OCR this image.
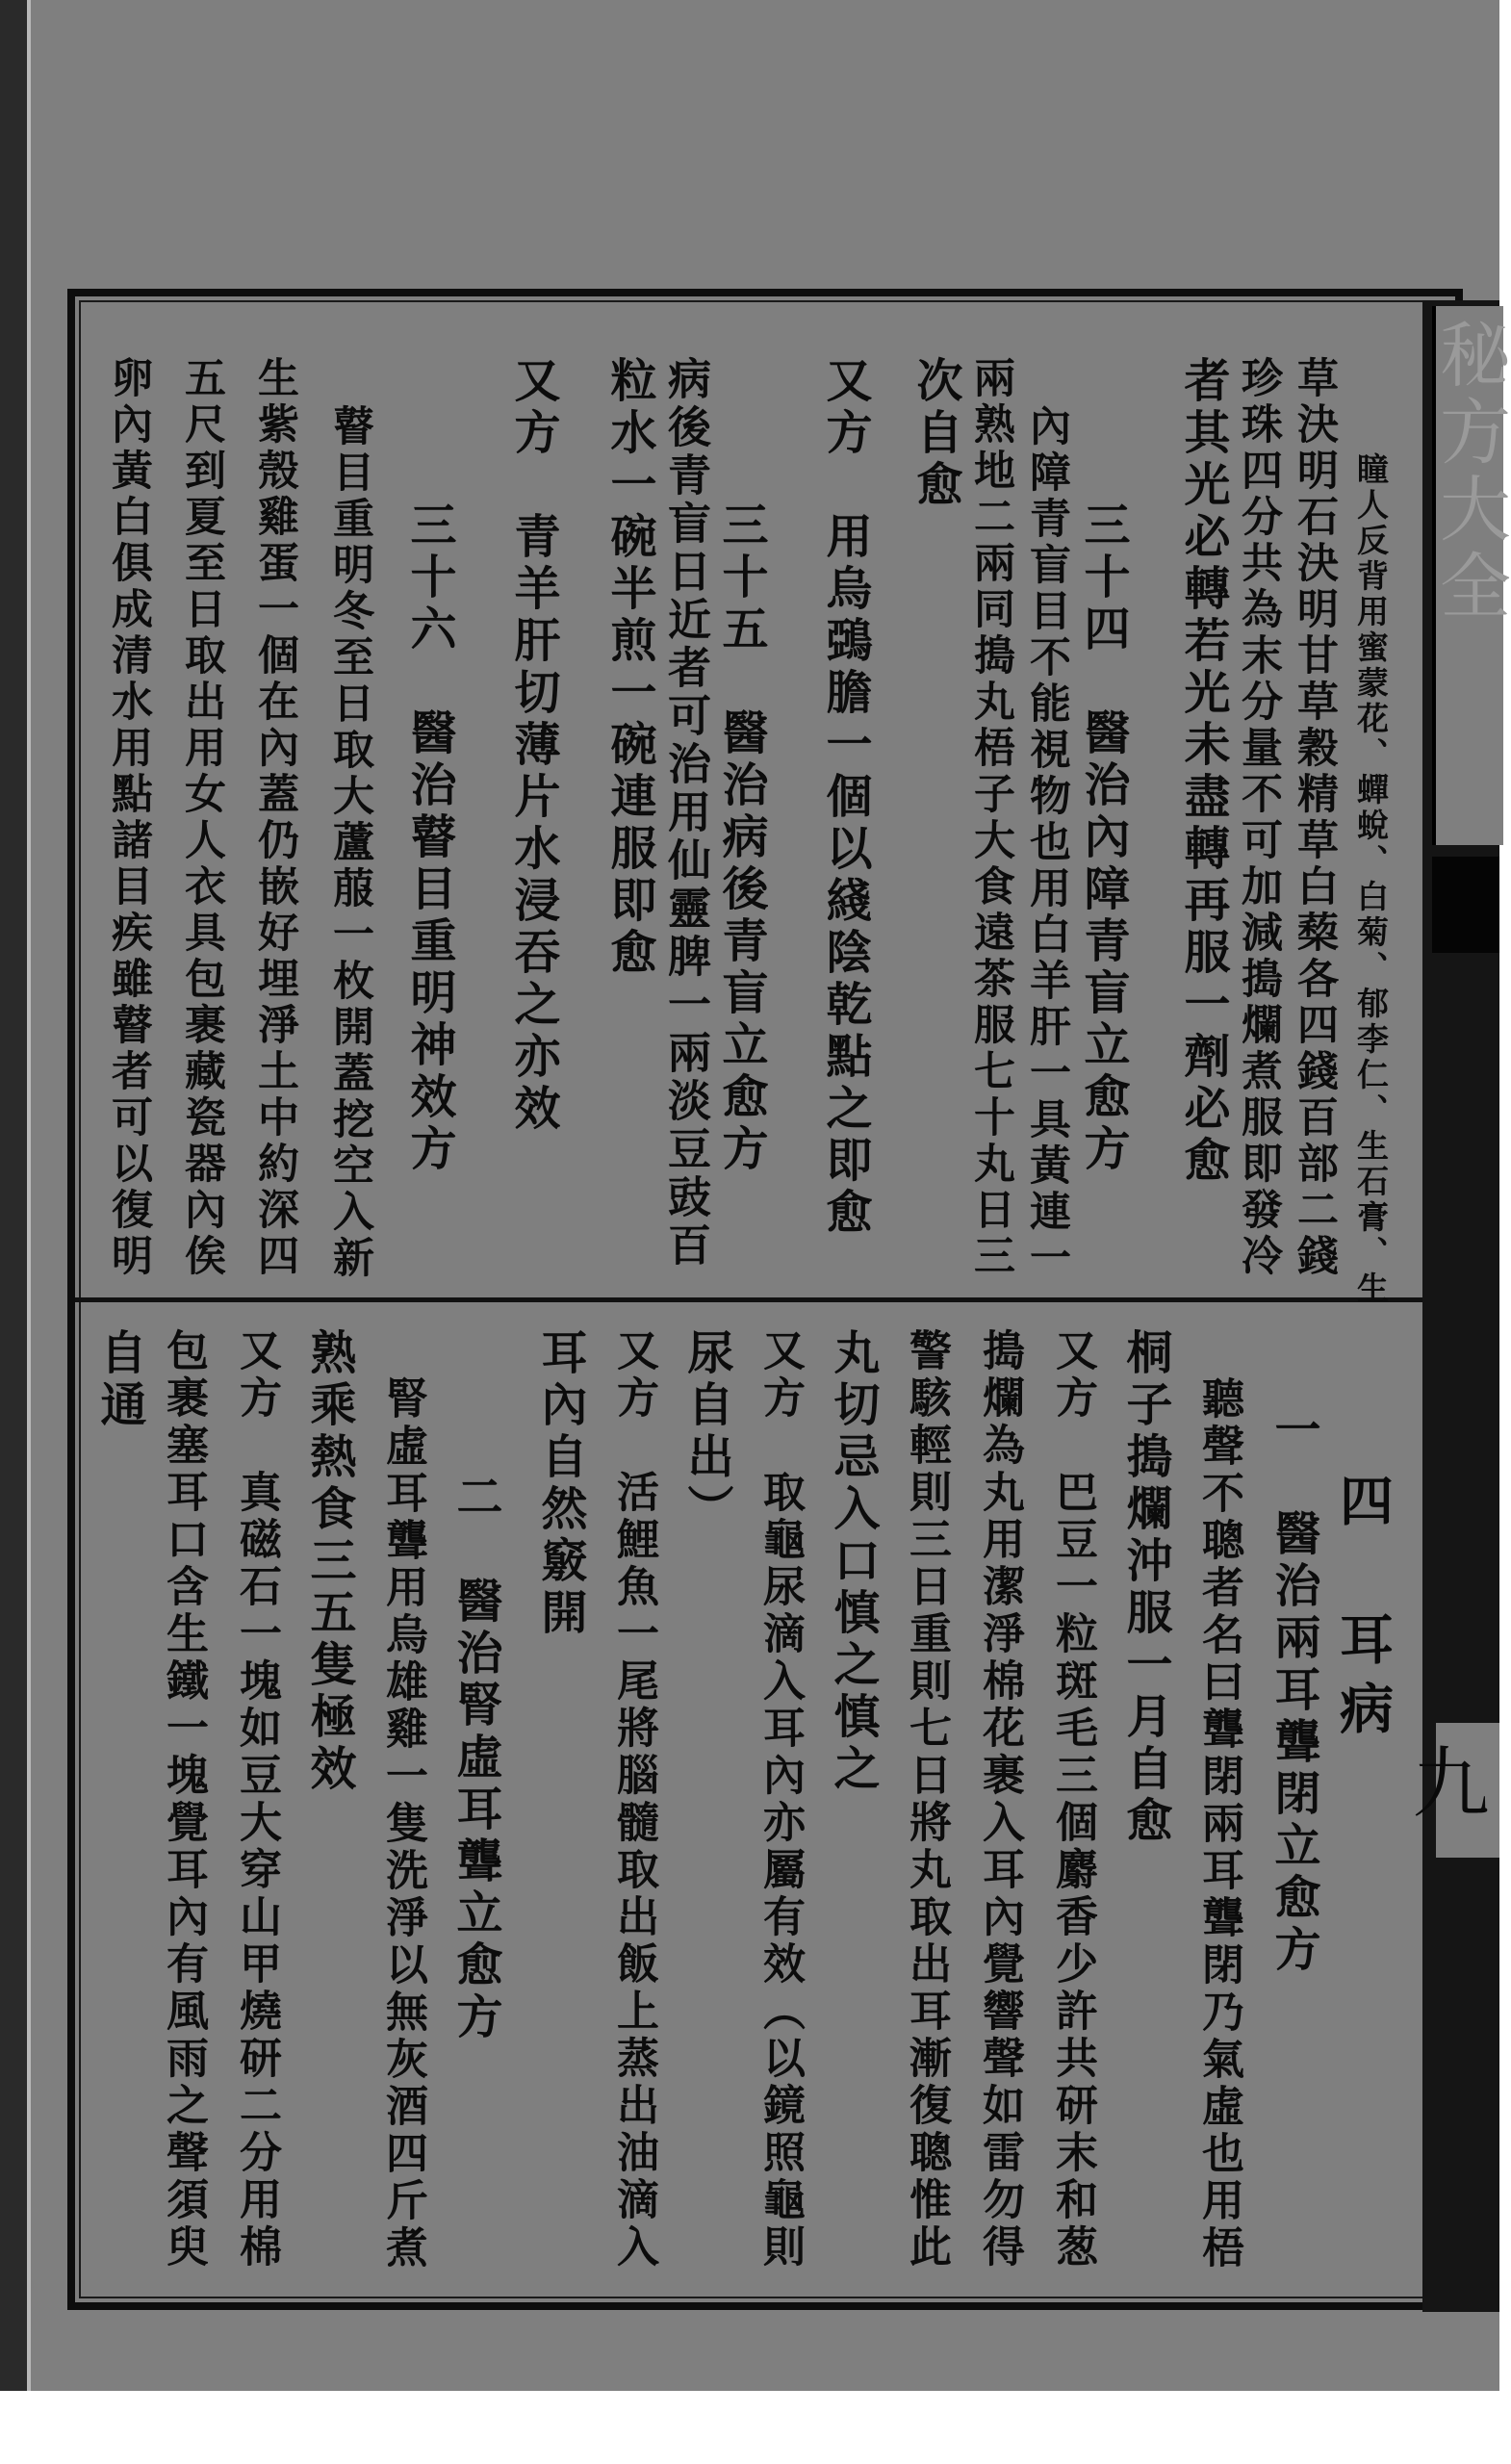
秘方大全
九
瞳人反背用蜜蒙花、蟬蛻、白菊、郁李仁、生石膏、生
草決明石決明甘草穀精草白蔾各四錢百部二錢
珍珠四分共為末分量不可加減搗爛煮服即發冷
者其光必轉若光未盡轉再服一劑必愈
三十四　醫治內障青盲立愈方
內障青盲目不能視物也用白羊肝一具黃連一
兩熟地二兩同搗丸梧子大食遠茶服七十丸日三
次自愈
又方　用烏鵶膽一個以綫陰乾點之即愈
三十五　醫治病後青盲立愈方
病後青盲日近者可治用仙靈脾一兩淡豆豉百
粒水一碗半煎一碗連服即愈
又方　青羊肝切薄片水浸吞之亦效
三十六　醫治瞽目重明神效方
瞽目重明冬至日取大蘆菔一枚開蓋挖空入新
生紫殼雞蛋一個在內蓋仍嵌好埋淨土中約深四
五尺到夏至日取出用女人衣具包裹藏瓷器內俟
卵內黃白俱成清水用點諸目疾雖瞽者可以復明
四　耳病
一　醫治兩耳聾閉立愈方
聽聲不聰者名曰聾閉兩耳聾閉乃氣虛也用梧
桐子搗爛沖服一月自愈
又方　巴豆一粒斑毛三個麝香少許共研末和葱
搗爛為丸用潔淨棉花裹入耳內覺響聲如雷勿得
警駭輕則三日重則七日將丸取出耳漸復聰惟此
丸切忌入口慎之慎之
又方　取龜尿滴入耳內亦屬有效（以鏡照龜則
尿自出）
又方　活鯉魚一尾將腦髓取出飯上蒸出油滴入
耳內自然竅開
二　醫治腎虛耳聾立愈方
腎虛耳聾用烏雄雞一隻洗淨以無灰酒四斤煮
熟乘熱食三五隻極效
又方　真磁石一塊如豆大穿山甲燒研二分用棉
包裹塞耳口含生鐵一塊覺耳內有風雨之聲須臾
自通
